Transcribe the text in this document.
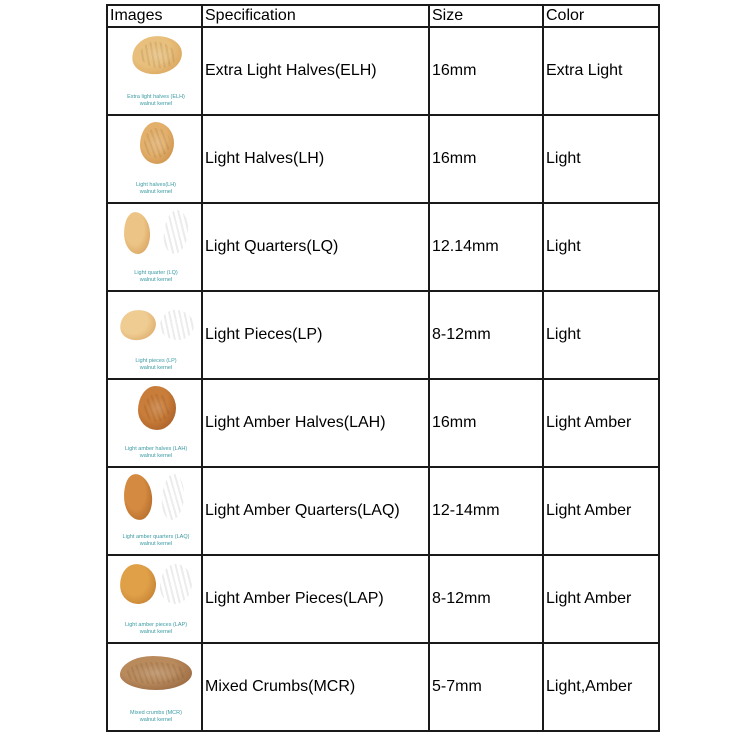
Images	Specification	Size	Color

Extra light halves (ELH)
walnut kernel	Extra Light Halves(ELH)	16mm	Extra Light

Light halves(LH)
walnut kernel	Light Halves(LH)	16mm	Light

Light quarter (LQ)
walnut kernel	Light Quarters(LQ)	12.14mm	Light

Light pieces (LP)
walnut kernel	Light Pieces(LP)	8-12mm	Light

Light amber halves (LAH)
walnut kernel	Light Amber Halves(LAH)	16mm	Light Amber

Light amber quarters (LAQ)
walnut kernel	Light Amber Quarters(LAQ)	12-14mm	Light Amber

Light amber pieces (LAP)
walnut kernel	Light Amber Pieces(LAP)	8-12mm	Light Amber

Mixed crumbs (MCR)
walnut kernel	Mixed Crumbs(MCR)	5-7mm	Light,Amber
